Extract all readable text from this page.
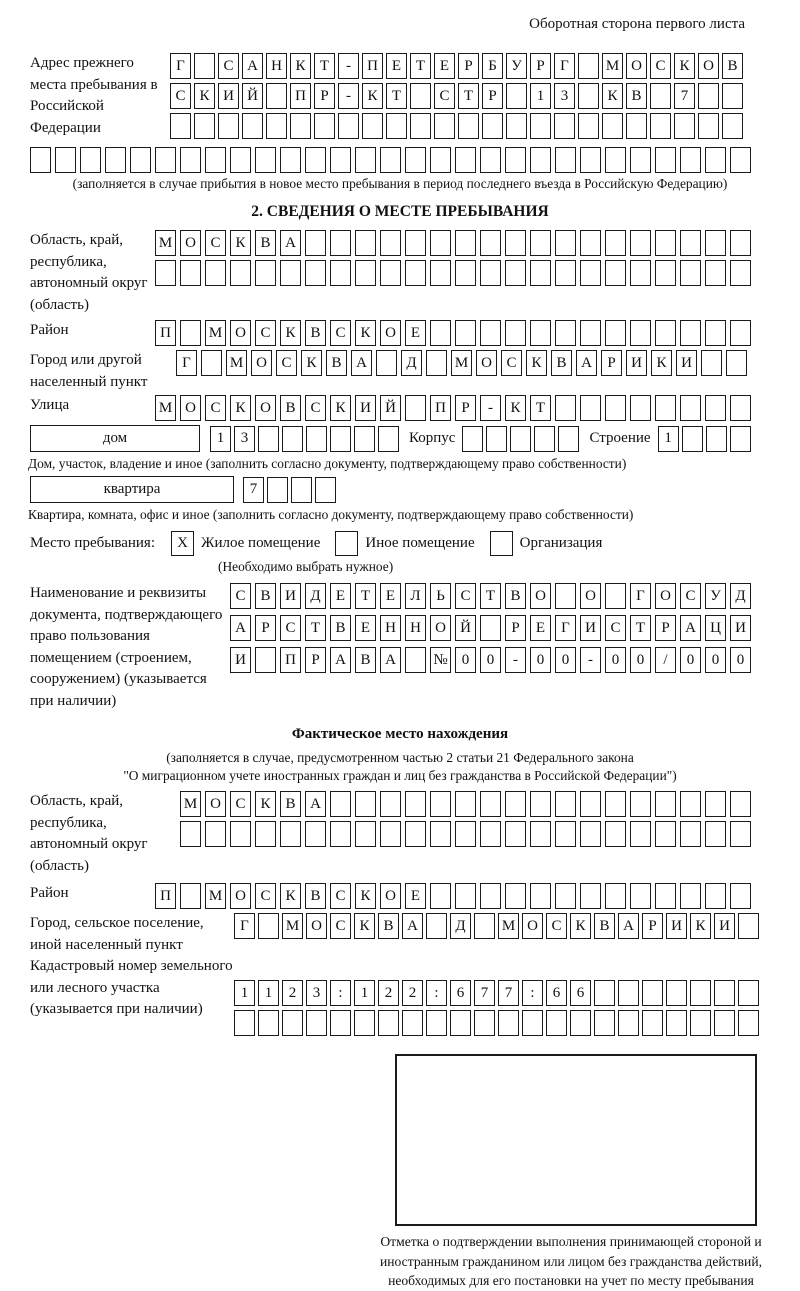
Оборотная сторона первого листа
Адрес прежнего места пребывания в Российской Федерации
Г	С А Н К Т	-	П Е Т Е	Р	Б У Р	Г	М О С К О В
С К И Й	П Р	-	К Т	С Т	Р	1	3	К В	7
(заполняется в случае прибытия в новое место пребывания в период последнего въезда в Российскую Федерацию)
2. СВЕДЕНИЯ О МЕСТЕ ПРЕБЫВАНИЯ
Область, край, республика, автономный округ (область)
М О С К В А
Район	П	М О С К В С К О Е
Город или другой населенный пункт
Г	М О С К В А	Д	М О С К В А	Р	И К И
Улица	М О С К О В С К И Й	П	Р	-	К	Т
дом	1	3	Корпус	Строение 1
Дом, участок, владение и иное (заполнить согласно документу, подтверждающему право собственности)
квартира	7
Квартира, комната, офис и иное (заполнить согласно документу, подтверждающему право собственности)
Место пребывания:	X Жилое помещение	Иное помещение	Организация
(Необходимо выбрать нужное)
Наименование и реквизиты документа, подтверждающего право пользования помещением (строением, сооружением) (указывается при наличии)
С В И Д	Е	Т	Е	Л	Ь	С	Т	В О	О	Г	О С У Д
А	Р	С	Т	В	Е	Н Н О Й	Р	Е	Г	И С	Т	Р	А Ц И
И	П	Р	А В А	№ 0	0	-	0	0	-	0	0	/	0	0	0
Фактическое место нахождения
(заполняется в случае, предусмотренном частью 2 статьи 21 Федерального закона
"О миграционном учете иностранных граждан и лиц без гражданства в Российской Федерации")
Область, край, республика, автономный округ (область)
М О С К В А
Район	П	М О С К В С К О Е
Город, сельское поселение, иной населенный пункт
Г	М О С К В А	Д	М О С К В А Р И К И
Кадастровый номер земельного или лесного участка (указывается при наличии)
1	1	2	3	:	1	2	2	:	6	7	7	:	6	6
Отметка о подтверждении выполнения принимающей стороной и иностранным гражданином или лицом без гражданства действий, необходимых для его постановки на учет по месту пребывания
